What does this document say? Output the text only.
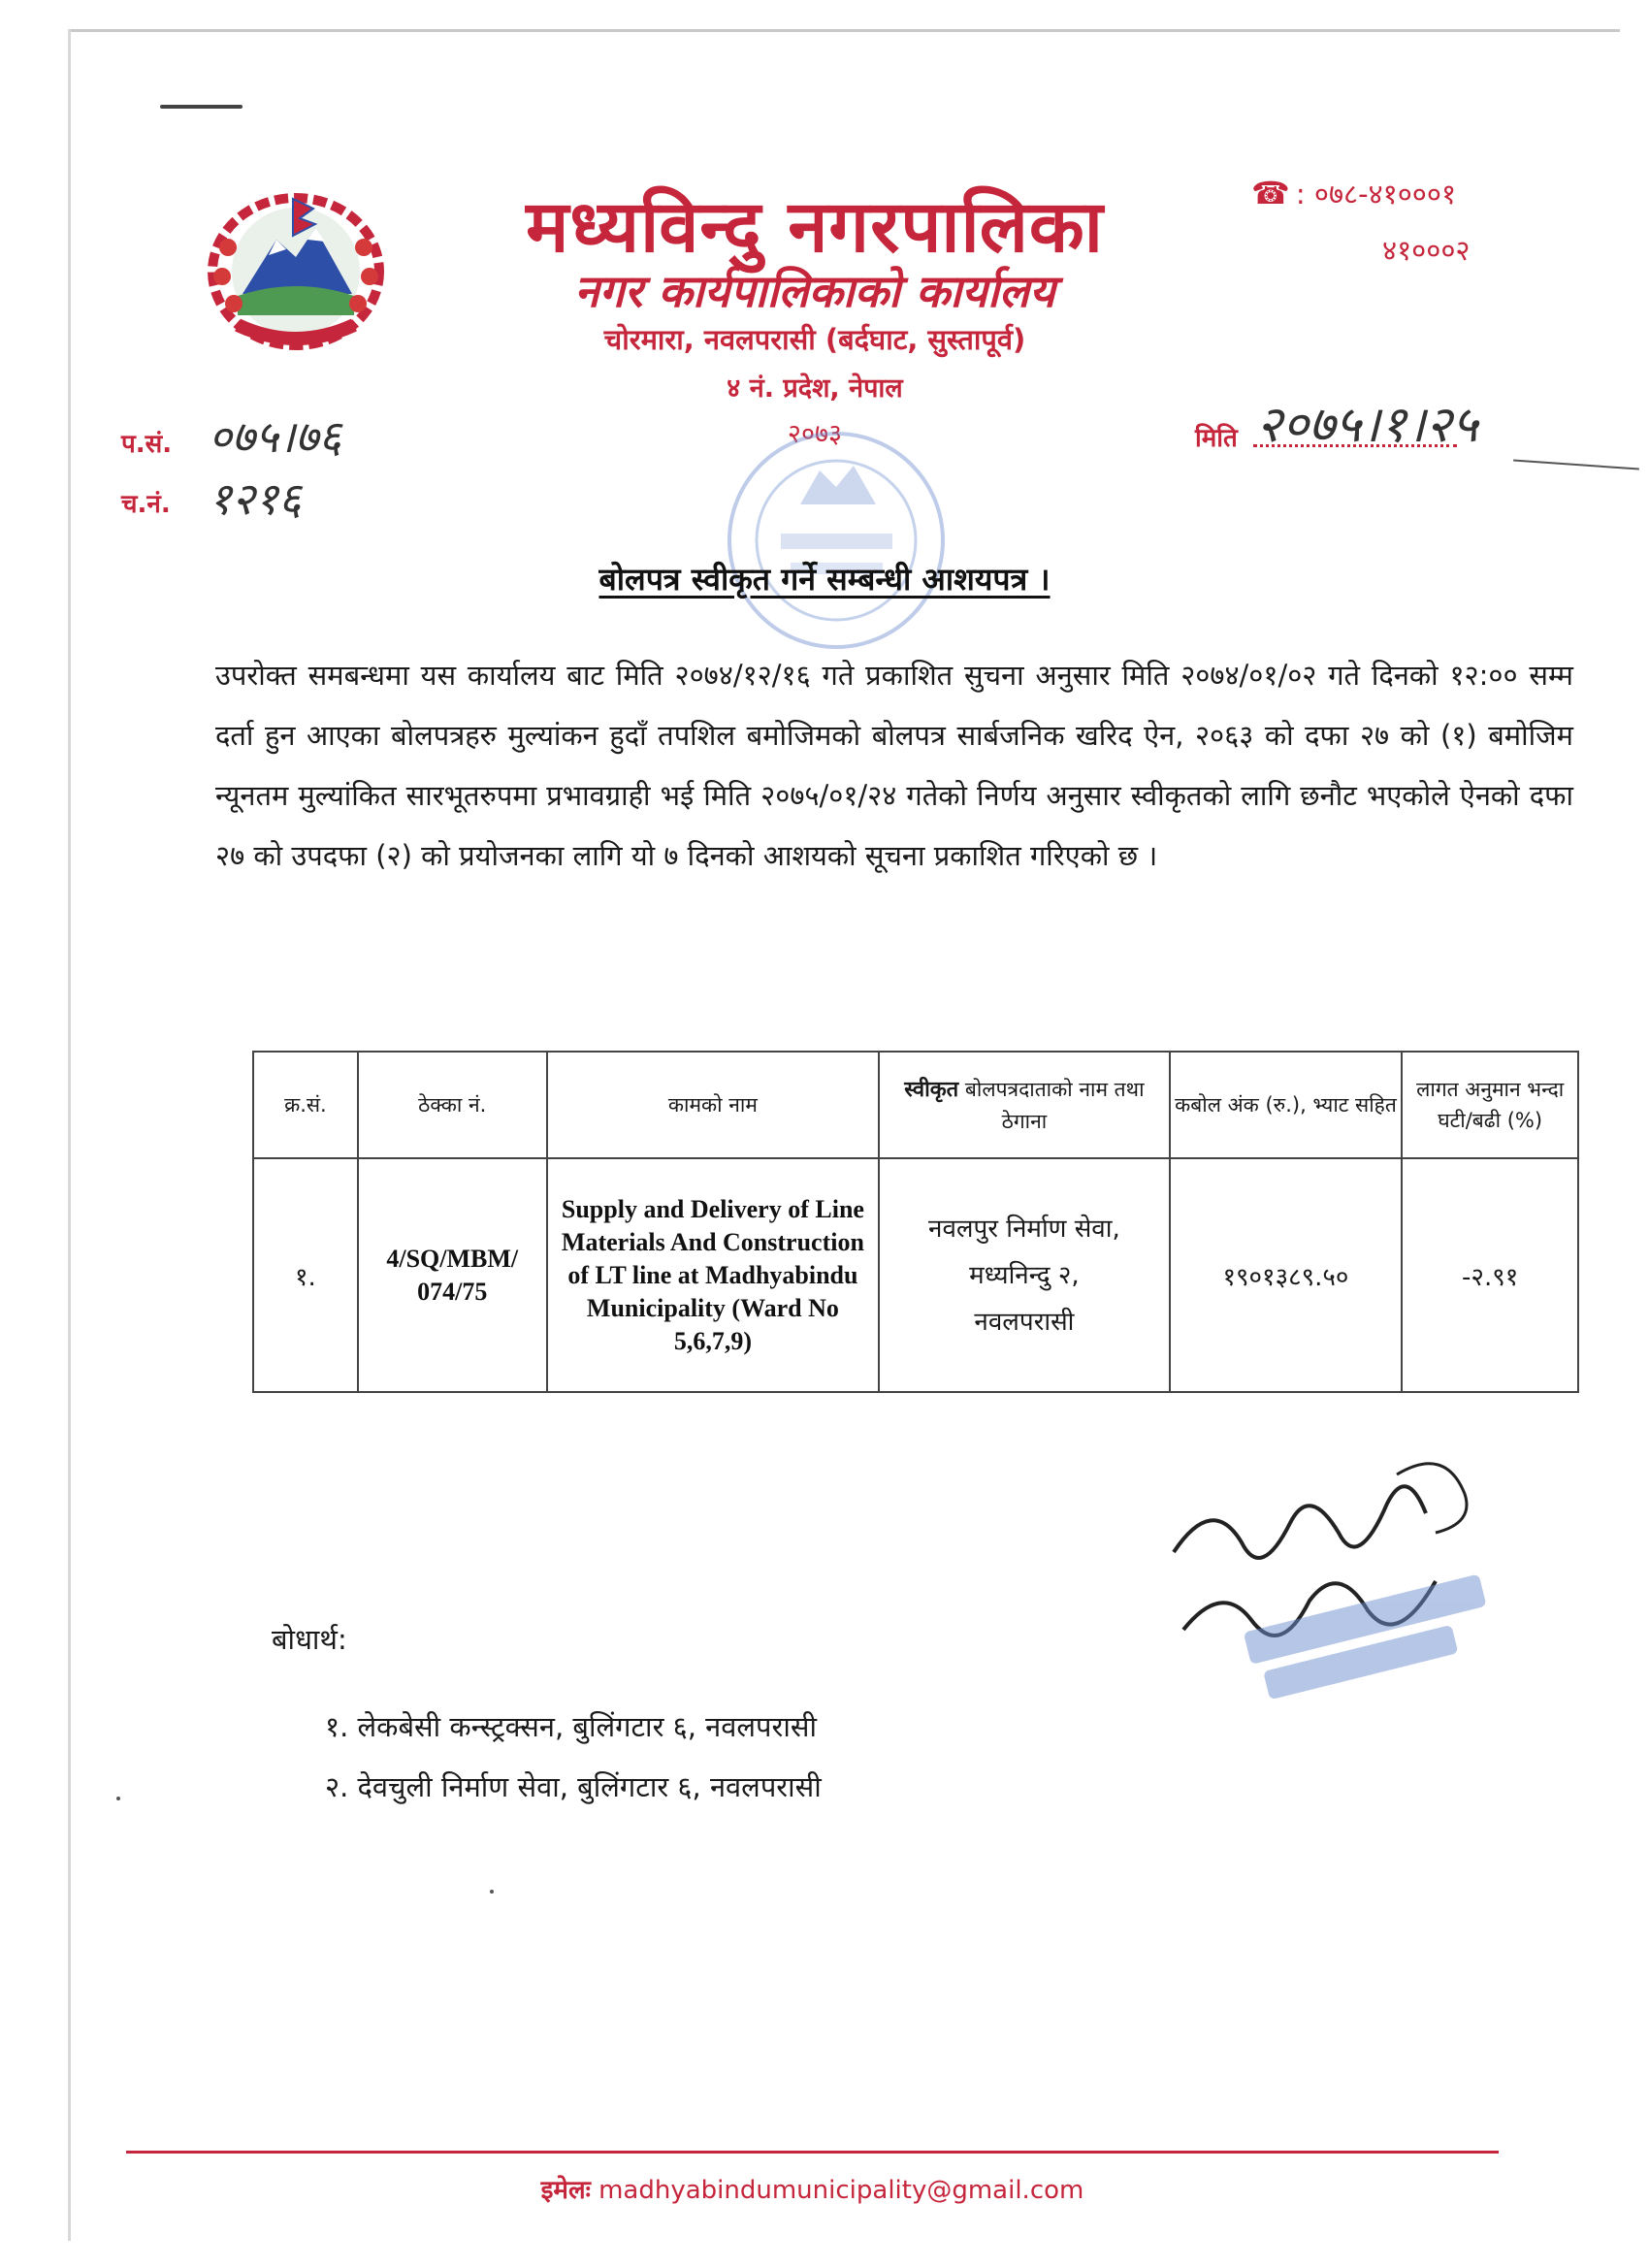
मध्यविन्दु नगरपालिका
नगर कार्यपालिकाको कार्यालय
चोरमारा, नवलपरासी (बर्दघाट, सुस्तापूर्व)
४ नं. प्रदेश, नेपाल
२०७३
☎ : ०७८-४१०००१
४१०००२
प.सं. ०७५।७६
च.नं. १२१६
मिति २०७५।१।२५
बोलपत्र स्वीकृत गर्ने सम्बन्धी आशयपत्र ।
उपरोक्त समबन्धमा यस कार्यालय बाट मिति २०७४/१२/१६ गते प्रकाशित सुचना अनुसार मिति २०७४/०१/०२ गते दिनको १२:०० सम्म दर्ता हुन आएका बोलपत्रहरु मुल्यांकन हुदाँ तपशिल बमोजिमको बोलपत्र सार्बजनिक खरिद ऐन, २०६३ को दफा २७ को (१) बमोजिम न्यूनतम मुल्यांकित सारभूतरुपमा प्रभावग्राही भई मिति २०७५/०१/२४ गतेको निर्णय अनुसार स्वीकृतको लागि छनौट भएकोले ऐनको दफा २७ को उपदफा (२) को प्रयोजनका लागि यो ७ दिनको आशयको सूचना प्रकाशित गरिएको छ ।
क्र.सं.	ठेक्का नं.	कामको नाम	स्वीकृत बोलपत्रदाताको नाम तथा ठेगाना	कबोल अंक (रु.), भ्याट सहित	लागत अनुमान भन्दा घटी/बढी (%)
१.	4/SQ/MBM/ 074/75	Supply and Delivery of Line Materials And Construction of LT line at Madhyabindu Municipality (Ward No 5,6,7,9)	नवलपुर निर्माण सेवा,
मध्यनिन्दु २,
नवलपरासी	१९०१३८९.५०	-२.९१
बोधार्थ:
१. लेकबेसी कन्स्ट्रक्सन, बुलिंगटार ६, नवलपरासी
२. देवचुली निर्माण सेवा, बुलिंगटार ६, नवलपरासी
इमेलः madhyabindumunicipality@gmail.com
